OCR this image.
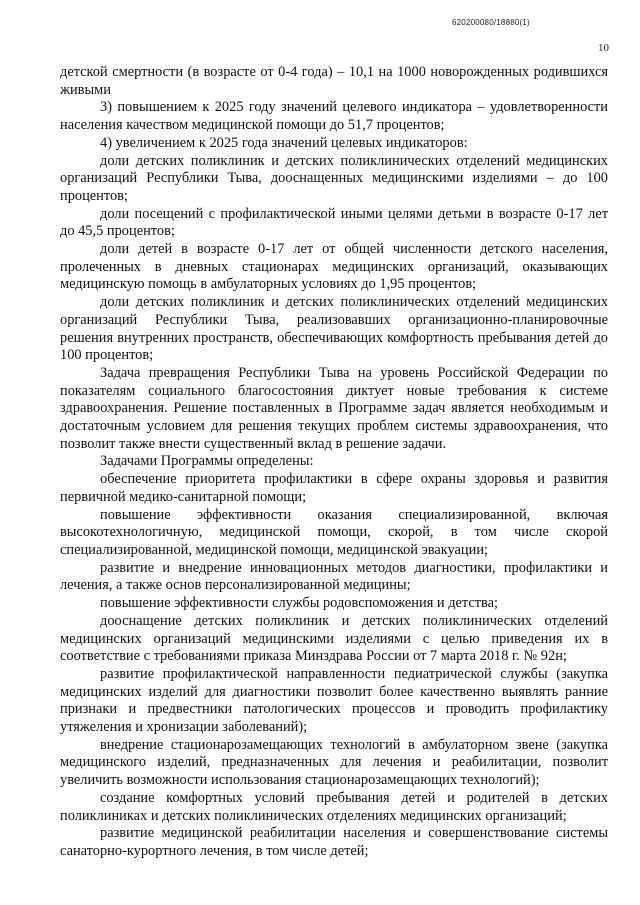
620200080/18880(1)
10

детской смертности (в возрасте от 0-4 года) – 10,1 на 1000 новорожденных родившихся живыми

3) повышением к 2025 году значений целевого индикатора – удовлетворенности населения качеством медицинской помощи до 51,7 процентов;

4) увеличением к 2025 года значений целевых индикаторов:

доли детских поликлиник и детских поликлинических отделений медицинских организаций Республики Тыва, дооснащенных медицинскими изделиями – до 100 процентов;

доли посещений с профилактической иными целями детьми в возрасте 0-17 лет до 45,5 процентов;

доли детей в возрасте 0-17 лет от общей численности детского населения, пролеченных в дневных стационарах медицинских организаций, оказывающих медицинскую помощь в амбулаторных условиях до 1,95 процентов;

доли детских поликлиник и детских поликлинических отделений медицинских организаций Республики Тыва, реализовавших организационно-планировочные решения внутренних пространств, обеспечивающих комфортность пребывания детей до 100 процентов;

Задача превращения Республики Тыва на уровень Российской Федерации по показателям социального благосостояния диктует новые требования к системе здравоохранения. Решение поставленных в Программе задач является необходимым и достаточным условием для решения текущих проблем системы здравоохранения, что позволит также внести существенный вклад в решение задачи.

Задачами Программы определены:

обеспечение приоритета профилактики в сфере охраны здоровья и развития первичной медико-санитарной помощи;

повышение эффективности оказания специализированной, включая высокотехнологичную, медицинской помощи, скорой, в том числе скорой специализированной, медицинской помощи, медицинской эвакуации;

развитие и внедрение инновационных методов диагностики, профилактики и лечения, а также основ персонализированной медицины;

повышение эффективности службы родовспоможения и детства;

дооснащение детских поликлиник и детских поликлинических отделений медицинских организаций медицинскими изделиями с целью приведения их в соответствие с требованиями приказа Минздрава России от 7 марта 2018 г. № 92н;

развитие профилактической направленности педиатрической службы (закупка медицинских изделий для диагностики позволит более качественно выявлять ранние признаки и предвестники патологических процессов и проводить профилактику утяжеления и хронизации заболеваний);

внедрение стационарозамещающих технологий в амбулаторном звене (закупка медицинского изделий, предназначенных для лечения и реабилитации, позволит увеличить возможности использования стационарозамещающих технологий);

создание комфортных условий пребывания детей и родителей в детских поликлиниках и детских поликлинических отделениях медицинских организаций;

развитие медицинской реабилитации населения и совершенствование системы санаторно-курортного лечения, в том числе детей;
